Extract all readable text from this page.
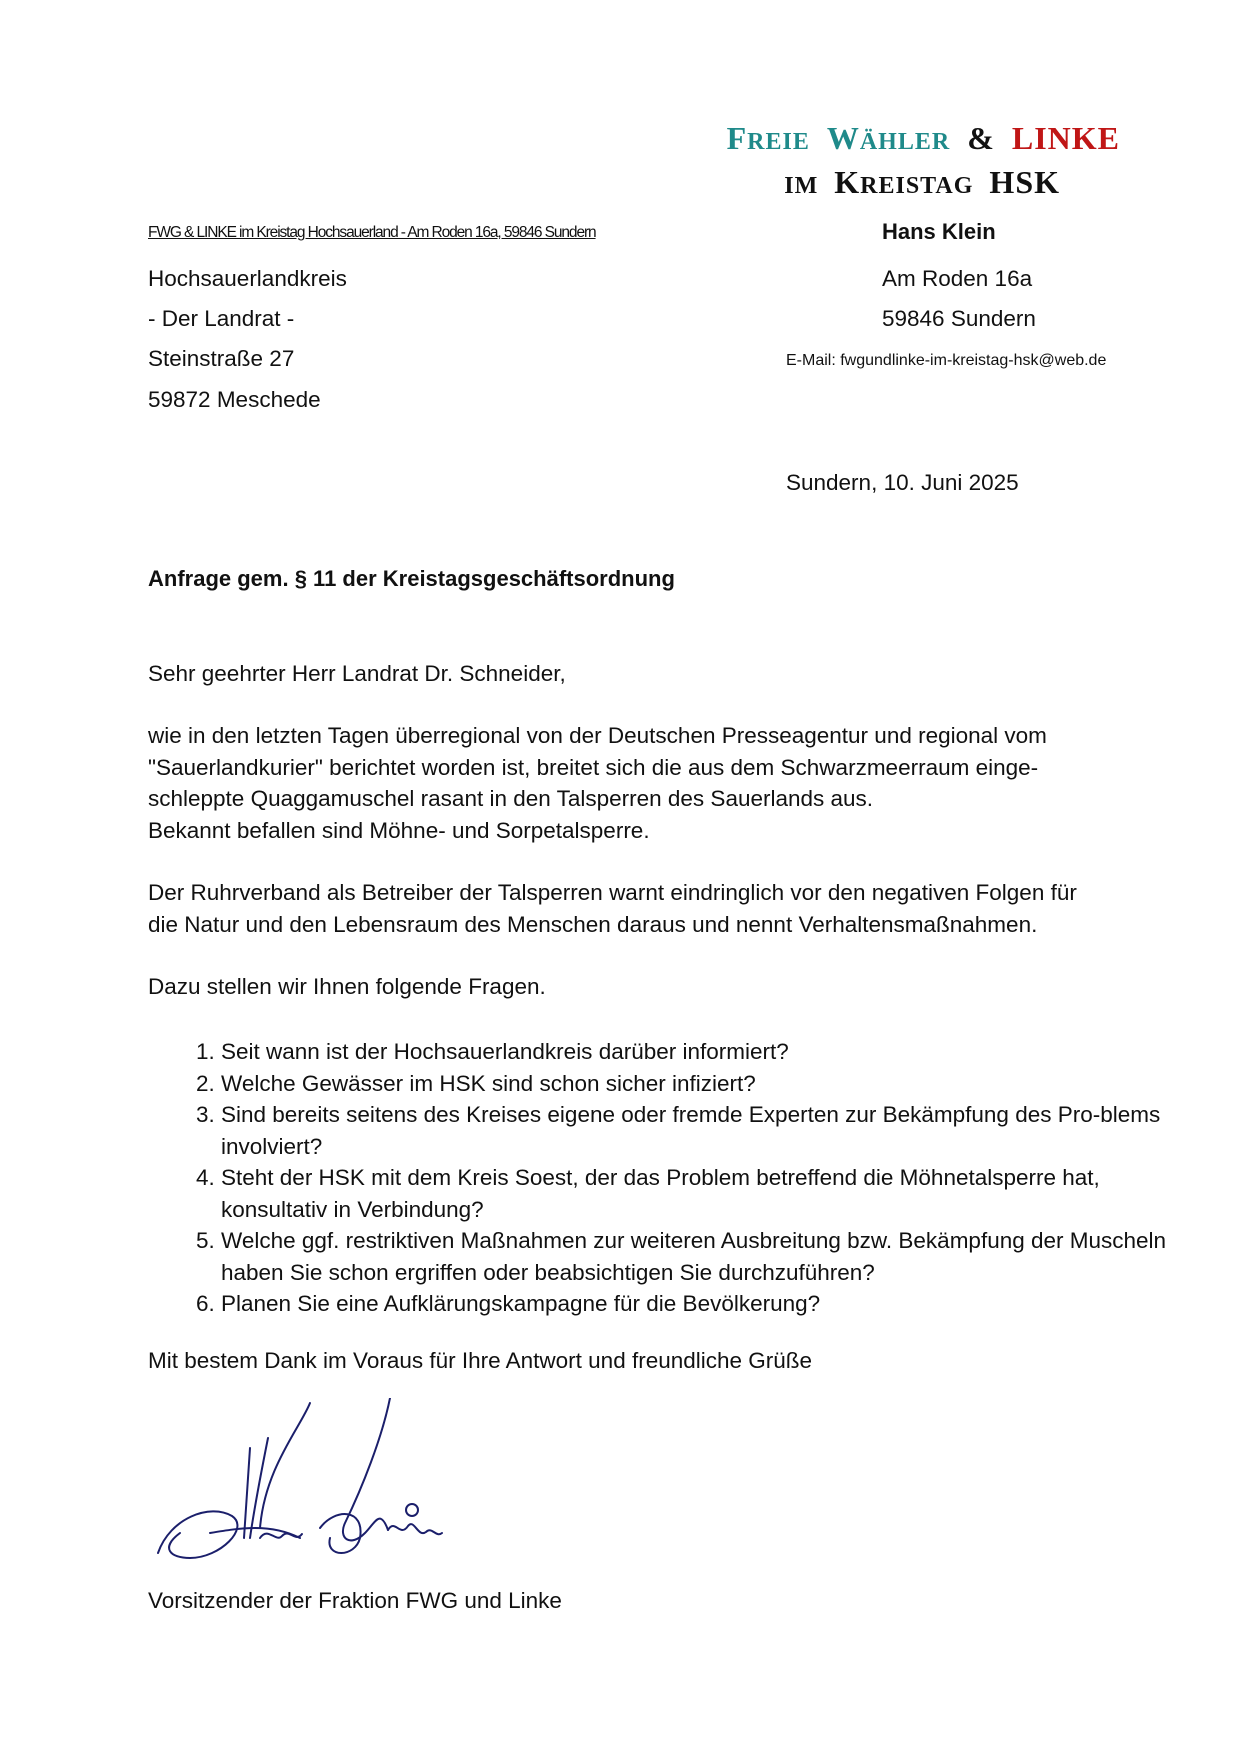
FREIE WÄHLER & LINKE
IM KREISTAG HSK
FWG & LINKE im Kreistag Hochsauerland - Am Roden 16a, 59846 Sundern
Hochsauerlandkreis
- Der Landrat -
Steinstraße 27
59872 Meschede
Hans Klein
Am Roden 16a
59846 Sundern
E-Mail: fwgundlinke-im-kreistag-hsk@web.de
Sundern, 10. Juni 2025
Anfrage gem. § 11 der Kreistagsgeschäftsordnung
Sehr geehrter Herr Landrat Dr. Schneider,

wie in den letzten Tagen überregional von der Deutschen Presseagentur und regional vom

"Sauerlandkurier" berichtet worden ist, breitet sich die aus dem Schwarzmeerraum einge-

schleppte Quaggamuschel rasant in den Talsperren des Sauerlands aus.

Bekannt befallen sind Möhne- und Sorpetalsperre.

Der Ruhrverband als Betreiber der Talsperren warnt eindringlich vor den negativen Folgen für

die Natur und den Lebensraum des Menschen daraus und nennt Verhaltensmaßnahmen.

Dazu stellen wir Ihnen folgende Fragen.
1. Seit wann ist der Hochsauerlandkreis darüber informiert?
2. Welche Gewässer im HSK sind schon sicher infiziert?
3. Sind bereits seitens des Kreises eigene oder fremde Experten zur Bekämpfung des Pro-blems involviert?
4. Steht der HSK mit dem Kreis Soest, der das Problem betreffend die Möhnetalsperre hat, konsultativ in Verbindung?
5. Welche ggf. restriktiven Maßnahmen zur weiteren Ausbreitung bzw. Bekämpfung der Muscheln haben Sie schon ergriffen oder beabsichtigen Sie durchzuführen?
6. Planen Sie eine Aufklärungskampagne für die Bevölkerung?
Mit bestem Dank im Voraus für Ihre Antwort und freundliche Grüße
Vorsitzender der Fraktion FWG und Linke
